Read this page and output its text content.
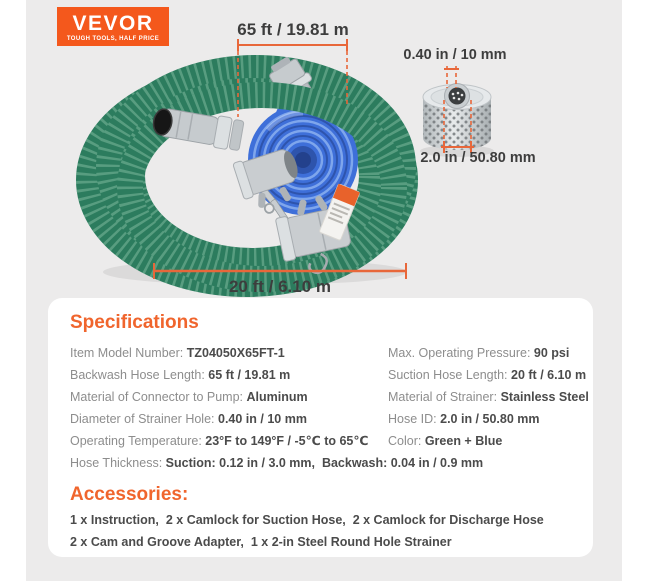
VEVOR
TOUGH TOOLS, HALF PRICE	65 ft / 19.81 m
0.40 in / 10 mm
2.0 in / 50.80 mm
20 ft / 6.10 m
Specifications
Item Model Number: TZ04050X65FT-1	Max. Operating Pressure: 90 psi
Backwash Hose Length: 65 ft / 19.81 m	Suction Hose Length: 20 ft / 6.10 m
Material of Connector to Pump: Aluminum	Material of Strainer: Stainless Steel
Diameter of Strainer Hole: 0.40 in / 10 mm	Hose ID: 2.0 in / 50.80 mm
Operating Temperature: 23°F to 149°F / -5℃ to 65℃	Color: Green + Blue
Hose Thickness: Suction: 0.12 in / 3.0 mm,  Backwash: 0.04 in / 0.9 mm
Accessories:
1 x Instruction,  2 x Camlock for Suction Hose,  2 x Camlock for Discharge Hose
2 x Cam and Groove Adapter,  1 x 2-in Steel Round Hole Strainer
